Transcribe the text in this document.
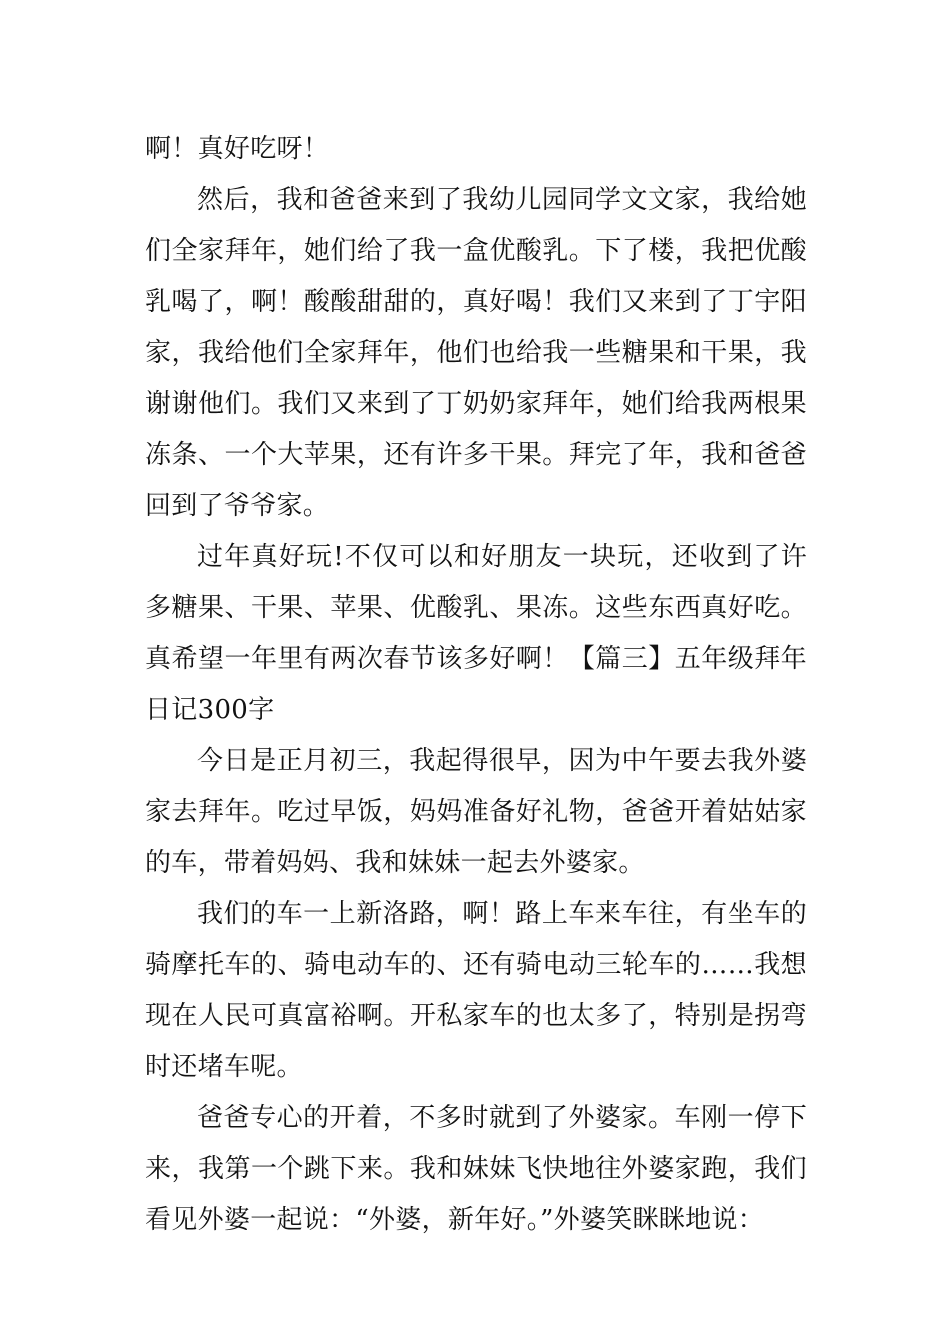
啊！真好吃呀！

然后，我和爸爸来到了我幼儿园同学文文家，我给她们全家拜年，她们给了我一盒优酸乳。下了楼，我把优酸乳喝了，啊！酸酸甜甜的，真好喝！我们又来到了丁宇阳家，我给他们全家拜年，他们也给我一些糖果和干果，我谢谢他们。我们又来到了丁奶奶家拜年，她们给我两根果冻条、一个大苹果，还有许多干果。拜完了年，我和爸爸回到了爷爷家。

过年真好玩!不仅可以和好朋友一块玩，还收到了许多糖果、干果、苹果、优酸乳、果冻。这些东西真好吃。真希望一年里有两次春节该多好啊！【篇三】五年级拜年日记300字

今日是正月初三，我起得很早，因为中午要去我外婆家去拜年。吃过早饭，妈妈准备好礼物，爸爸开着姑姑家的车，带着妈妈、我和妹妹一起去外婆家。

我们的车一上新洛路，啊！路上车来车往，有坐车的骑摩托车的、骑电动车的、还有骑电动三轮车的……我想现在人民可真富裕啊。开私家车的也太多了，特别是拐弯时还堵车呢。

爸爸专心的开着，不多时就到了外婆家。车刚一停下来，我第一个跳下来。我和妹妹飞快地往外婆家跑，我们看见外婆一起说：“外婆，新年好。”外婆笑眯眯地说：
